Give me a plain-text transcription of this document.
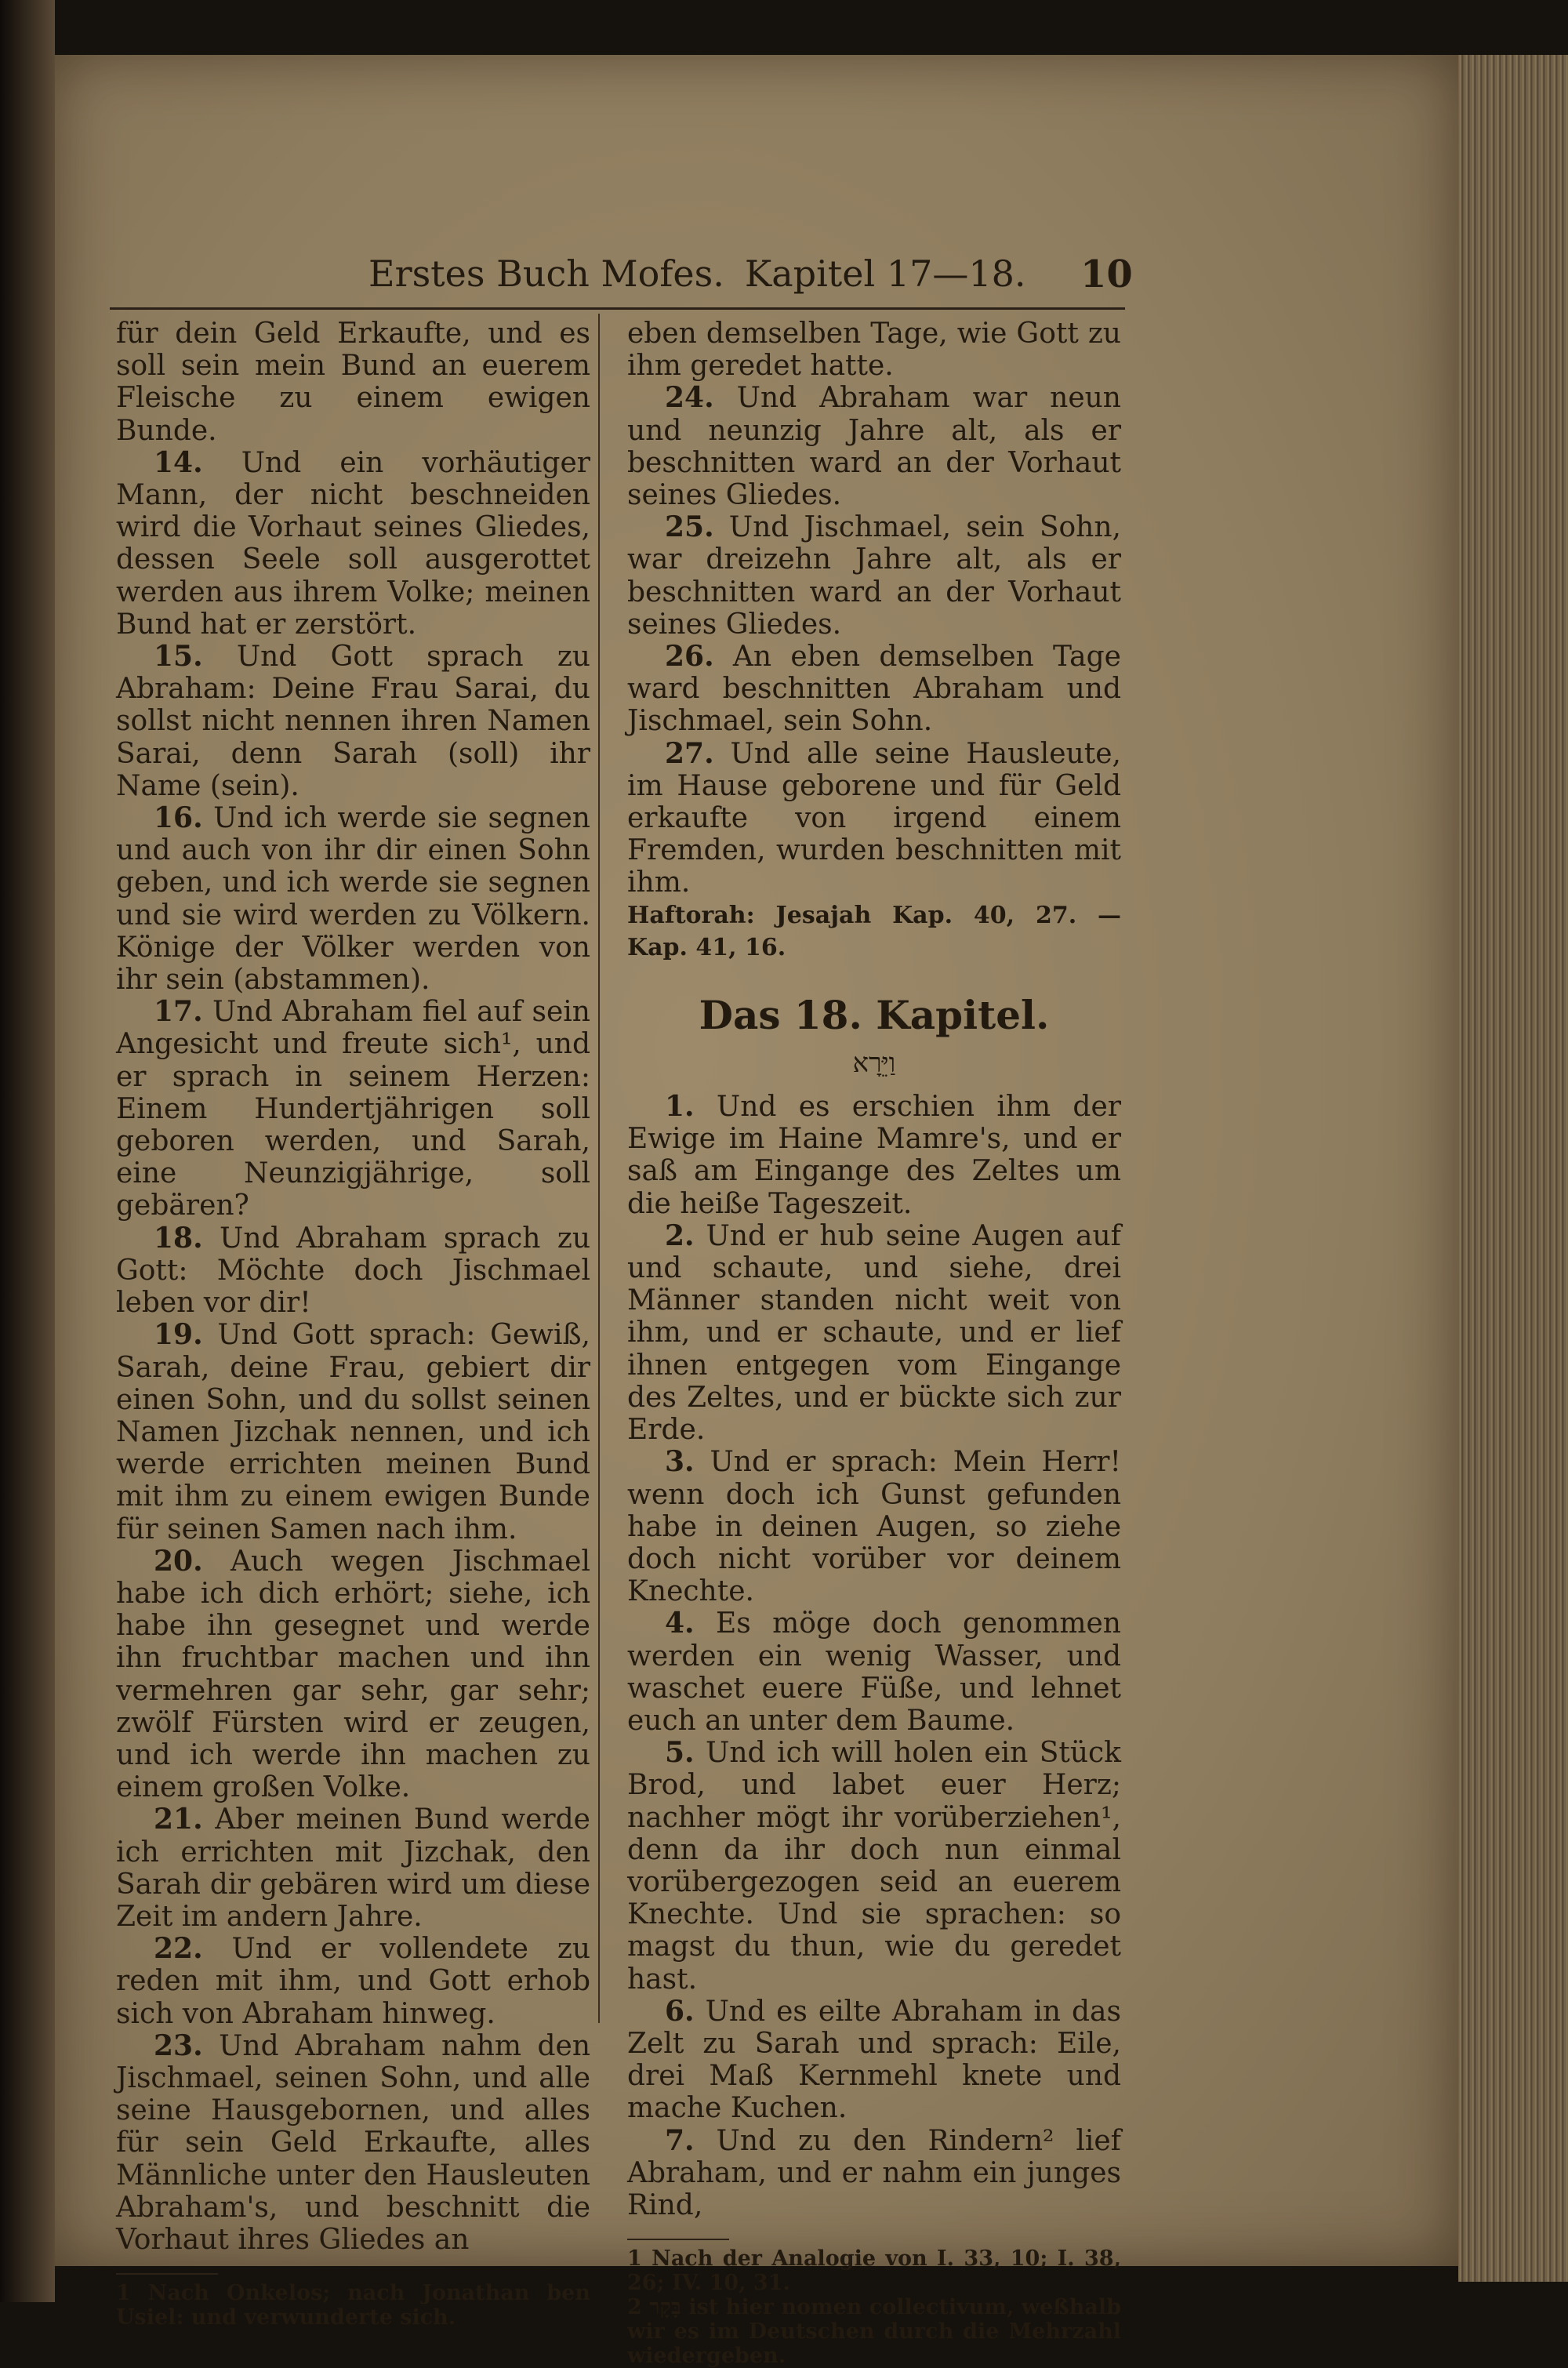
Erstes Buch Mofes. Kapitel 17—18. 10

für dein Geld Erkaufte, und es soll sein mein Bund an euerem Fleische zu einem ewigen Bunde.

14. Und ein vorhäutiger Mann, der nicht beschneiden wird die Vorhaut seines Gliedes, dessen Seele soll ausgerottet werden aus ihrem Volke; meinen Bund hat er zerstört.

15. Und Gott sprach zu Abraham: Deine Frau Sarai, du sollst nicht nennen ihren Namen Sarai, denn Sarah (soll) ihr Name (sein).

16. Und ich werde sie segnen und auch von ihr dir einen Sohn geben, und ich werde sie segnen und sie wird werden zu Völkern. Könige der Völker werden von ihr sein (abstammen).

17. Und Abraham fiel auf sein Angesicht und freute sich¹, und er sprach in seinem Herzen: Einem Hundertjährigen soll geboren werden, und Sarah, eine Neunzigjährige, soll gebären?

18. Und Abraham sprach zu Gott: Möchte doch Jischmael leben vor dir!

19. Und Gott sprach: Gewiß, Sarah, deine Frau, gebiert dir einen Sohn, und du sollst seinen Namen Jizchak nennen, und ich werde errichten meinen Bund mit ihm zu einem ewigen Bunde für seinen Samen nach ihm.

20. Auch wegen Jischmael habe ich dich erhört; siehe, ich habe ihn gesegnet und werde ihn fruchtbar machen und ihn vermehren gar sehr, gar sehr; zwölf Fürsten wird er zeugen, und ich werde ihn machen zu einem großen Volke.

21. Aber meinen Bund werde ich errichten mit Jizchak, den Sarah dir gebären wird um diese Zeit im andern Jahre.

22. Und er vollendete zu reden mit ihm, und Gott erhob sich von Abraham hinweg.

23. Und Abraham nahm den Jischmael, seinen Sohn, und alle seine Hausgebornen, und alles für sein Geld Erkaufte, alles Männliche unter den Hausleuten Abraham's, und beschnitt die Vorhaut ihres Gliedes an

1 Nach Onkelos; nach Jonathan ben Usiel: und verwunderte sich.

eben demselben Tage, wie Gott zu ihm geredet hatte.

24. Und Abraham war neun und neunzig Jahre alt, als er beschnitten ward an der Vorhaut seines Gliedes.

25. Und Jischmael, sein Sohn, war dreizehn Jahre alt, als er beschnitten ward an der Vorhaut seines Gliedes.

26. An eben demselben Tage ward beschnitten Abraham und Jischmael, sein Sohn.

27. Und alle seine Hausleute, im Hause geborene und für Geld erkaufte von irgend einem Fremden, wurden beschnitten mit ihm.

Haftorah: Jesajah Kap. 40, 27. — Kap. 41, 16.

Das 18. Kapitel.
וַיֵּרָא

1. Und es erschien ihm der Ewige im Haine Mamre's, und er saß am Eingange des Zeltes um die heiße Tageszeit.

2. Und er hub seine Augen auf und schaute, und siehe, drei Männer standen nicht weit von ihm, und er schaute, und er lief ihnen entgegen vom Eingange des Zeltes, und er bückte sich zur Erde.

3. Und er sprach: Mein Herr! wenn doch ich Gunst gefunden habe in deinen Augen, so ziehe doch nicht vorüber vor deinem Knechte.

4. Es möge doch genommen werden ein wenig Wasser, und waschet euere Füße, und lehnet euch an unter dem Baume.

5. Und ich will holen ein Stück Brod, und labet euer Herz; nachher mögt ihr vorüberziehen¹, denn da ihr doch nun einmal vorübergezogen seid an euerem Knechte. Und sie sprachen: so magst du thun, wie du geredet hast.

6. Und es eilte Abraham in das Zelt zu Sarah und sprach: Eile, drei Maß Kernmehl knete und mache Kuchen.

7. Und zu den Rindern² lief Abraham, und er nahm ein junges Rind,

1 Nach der Analogie von I. 33, 10; I. 38, 26; IV. 10, 31.

2 בָּקָר ist hier nomen collectivum, weßhalb wir es im Deutschen durch die Mehrzahl wiedergeben.
